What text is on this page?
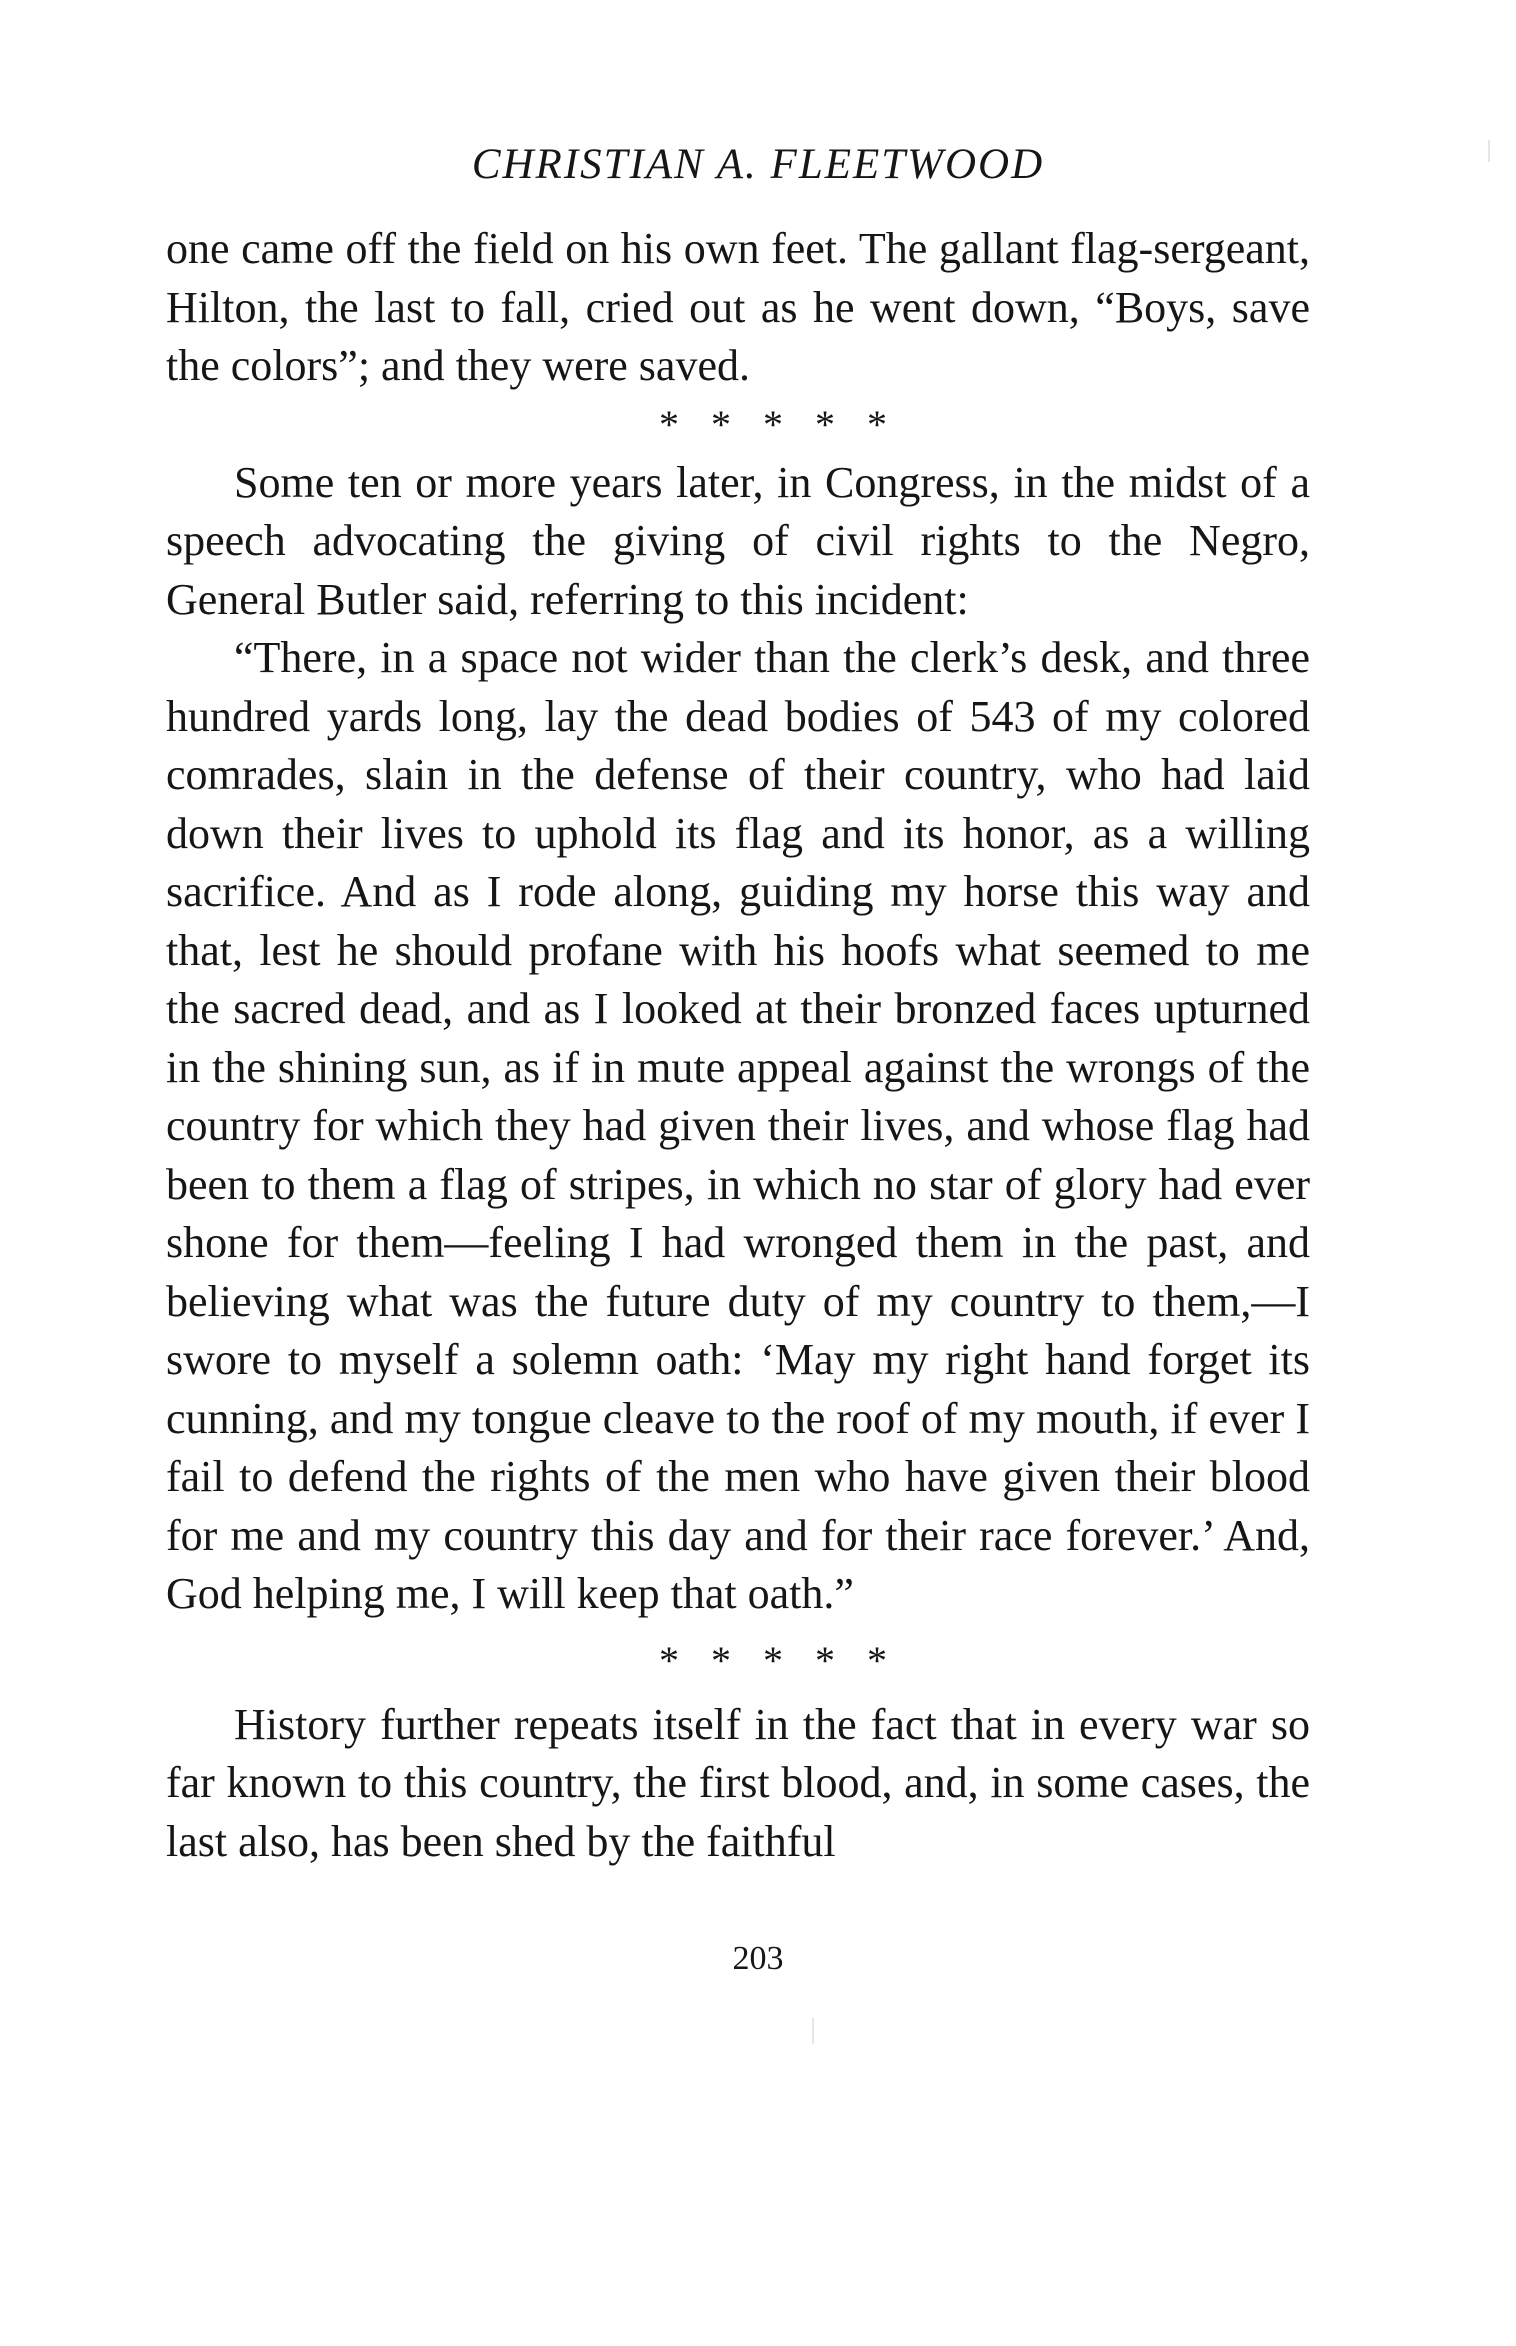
CHRISTIAN A. FLEETWOOD

one came off the field on his own feet. The gallant flag-sergeant, Hilton, the last to fall, cried out as he went down, “Boys, save the colors”; and they were saved.

* * * * *

Some ten or more years later, in Congress, in the midst of a speech advocating the giving of civil rights to the Negro, General Butler said, referring to this incident:

“There, in a space not wider than the clerk’s desk, and three hundred yards long, lay the dead bodies of 543 of my colored comrades, slain in the defense of their country, who had laid down their lives to uphold its flag and its honor, as a willing sacrifice. And as I rode along, guiding my horse this way and that, lest he should profane with his hoofs what seemed to me the sacred dead, and as I looked at their bronzed faces upturned in the shining sun, as if in mute appeal against the wrongs of the country for which they had given their lives, and whose flag had been to them a flag of stripes, in which no star of glory had ever shone for them—feeling I had wronged them in the past, and believing what was the future duty of my country to them,—I swore to myself a solemn oath: ‘May my right hand forget its cunning, and my tongue cleave to the roof of my mouth, if ever I fail to defend the rights of the men who have given their blood for me and my country this day and for their race forever.’ And, God helping me, I will keep that oath.”

* * * * *

History further repeats itself in the fact that in every war so far known to this country, the first blood, and, in some cases, the last also, has been shed by the faithful

203
